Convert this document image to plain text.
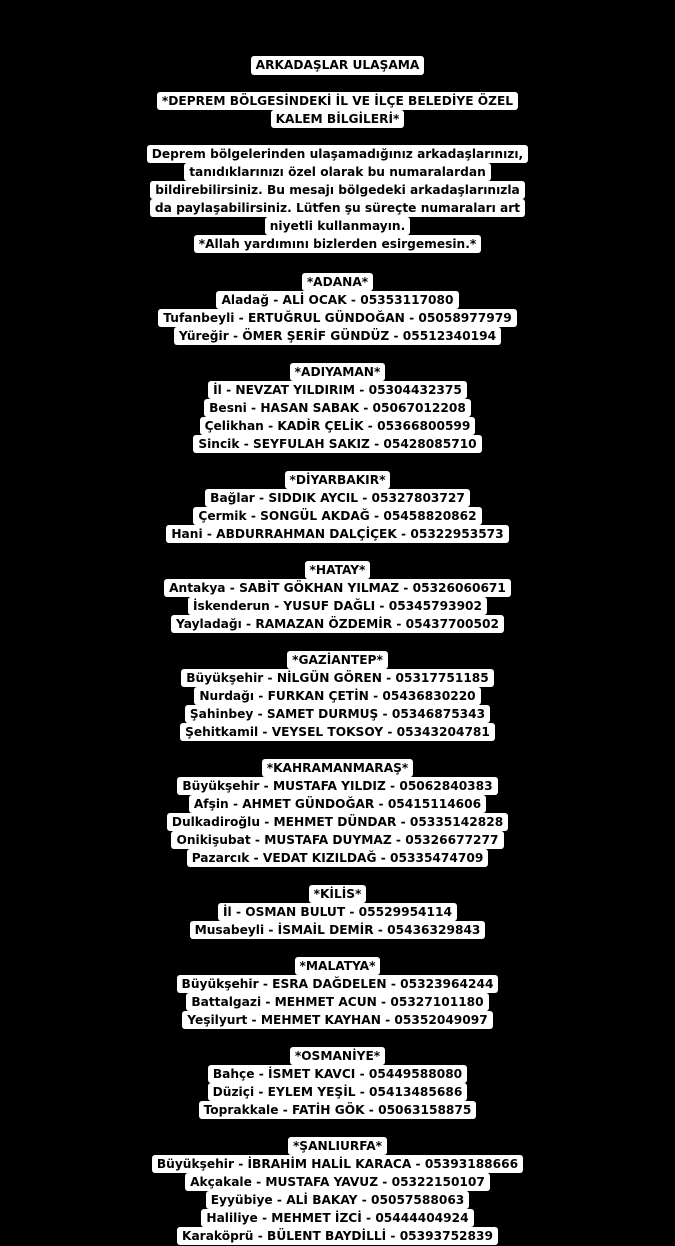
ARKADAŞLAR ULAŞAMA
*DEPREM BÖLGESİNDEKİ İL VE İLÇE BELEDİYE ÖZEL
KALEM BİLGİLERİ*
Deprem bölgelerinden ulaşamadığınız arkadaşlarınızı,
tanıdıklarınızı özel olarak bu numaralardan
bildirebilirsiniz. Bu mesajı bölgedeki arkadaşlarınızla
da paylaşabilirsiniz. Lütfen şu süreçte numaraları art
niyetli kullanmayın.
*Allah yardımını bizlerden esirgemesin.*
*ADANA*
Aladağ - ALİ OCAK - 05353117080
Tufanbeyli - ERTUĞRUL GÜNDOĞAN - 05058977979
Yüreğir - ÖMER ŞERİF GÜNDÜZ - 05512340194
*ADIYAMAN*
İl - NEVZAT YILDIRIM - 05304432375
Besni - HASAN SABAK - 05067012208
Çelikhan - KADİR ÇELİK - 05366800599
Sincik - SEYFULAH SAKIZ - 05428085710
*DİYARBAKIR*
Bağlar - SIDDIK AYCIL - 05327803727
Çermik - SONGÜL AKDAĞ - 05458820862
Hani - ABDURRAHMAN DALÇİÇEK - 05322953573
*HATAY*
Antakya - SABİT GÖKHAN YILMAZ - 05326060671
İskenderun - YUSUF DAĞLI - 05345793902
Yayladağı - RAMAZAN ÖZDEMİR - 05437700502
*GAZİANTEP*
Büyükşehir - NİLGÜN GÖREN - 05317751185
Nurdağı - FURKAN ÇETİN - 05436830220
Şahinbey - SAMET DURMUŞ - 05346875343
Şehitkamil - VEYSEL TOKSOY - 05343204781
*KAHRAMANMARAŞ*
Büyükşehir - MUSTAFA YILDIZ - 05062840383
Afşin - AHMET GÜNDOĞAR - 05415114606
Dulkadiroğlu - MEHMET DÜNDAR - 05335142828
Onikişubat - MUSTAFA DUYMAZ - 05326677277
Pazarcık - VEDAT KIZILDAĞ - 05335474709
*KİLİS*
İl - OSMAN BULUT - 05529954114
Musabeyli - İSMAİL DEMİR - 05436329843
*MALATYA*
Büyükşehir - ESRA DAĞDELEN - 05323964244
Battalgazi - MEHMET ACUN - 05327101180
Yeşilyurt - MEHMET KAYHAN - 05352049097
*OSMANİYE*
Bahçe - İSMET KAVCI - 05449588080
Düziçi - EYLEM YEŞİL - 05413485686
Toprakkale - FATİH GÖK - 05063158875
*ŞANLIURFA*
Büyükşehir - İBRAHİM HALİL KARACA - 05393188666
Akçakale - MUSTAFA YAVUZ - 05322150107
Eyyübiye - ALİ BAKAY - 05057588063
Haliliye - MEHMET İZCİ - 05444404924
Karaköprü - BÜLENT BAYDİLLİ - 05393752839
